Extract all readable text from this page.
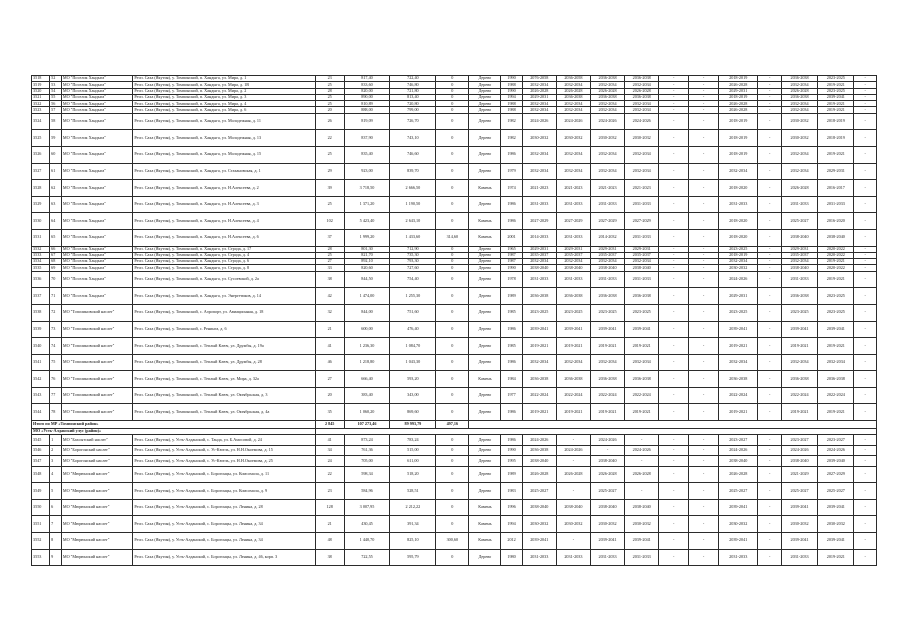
3518	52	МО "Поселок Хандыга"	Респ. Саха (Якутия), у. Томпонский, п. Хандыга, ул. Мира, д. 1	23	817,40	722,40	0	Дерево	1990	2076-2058	2036-2058	2036-2038	2036-2038	-	-	2018-2019	-	2036-2038	2023-2025	-
3519	53	МО "Поселок Хандыга"	Респ. Саха (Якутия), у. Томпонский, п. Хандыга, ул. Мира, д. 1В	25	833,60	746,80	0	Дерево	1988	2032-2034	2032-2034	2032-2034	2032-2034	-	-	2026-2028	-	2032-2034	2019-2021	-
3520	54	МО "Поселок Хандыга"	Респ. Саха (Якутия), у. Томпонский, п. Хандыга, ул. Мира, д. 2	28	820,00	721,80	0	Дерево	1990	2026-2028	2026-2028	2026-2028	2026-2028	-	-	2029-2031	-	2026-2028	2023-2025	-
3521	55	МО "Поселок Хандыга"	Респ. Саха (Якутия), у. Томпонский, п. Хандыга, ул. Мира, д. 3	25	890,00	813,40	0	Дерево	1994	2029-2031	2036-2038	2036-2038	2036-2038	-	-	2018-2019	-	2036-2038	2039-2041	-
3522	56	МО "Поселок Хандыга"	Респ. Саха (Якутия), у. Томпонский, п. Хандыга, ул. Мира, д. 4	25	810,89	720,80	0	Дерево	1988	2032-2034	2032-2034	2032-2034	2032-2034	-	-	2026-2028	-	2032-2034	2019-2021	-
3523	57	МО "Поселок Хандыга"	Респ. Саха (Якутия), у. Томпонский, п. Хандыга, ул. Мира, д. 6	20	888,00	799,00	0	Дерево	1988	2032-2034	2032-2034	2032-2034	2032-2034	-	-	2026-2028	-	2032-2034	2019-2021	-
3524	58	МО "Поселок Хандыга"	Респ. Саха (Якутия), у. Томпонский, п. Хандыга, ул. Молодежная, д. 11	26	819,09	726,70	0	Дерево	1982	2024-2026	2024-2026	2024-2026	2024-2026	-	-	2018-2019	-	2030-2032	2018-2019	-
3525	59	МО "Поселок Хандыга"	Респ. Саха (Якутия), у. Томпонский, п. Хандыга, ул. Молодежная, д. 13	22	837,90	743,10	0	Дерево	1982	2030-2032	2030-2032	2030-2032	2030-2032	-	-	2018-2019	-	2030-2032	2018-2019	-
3526	60	МО "Поселок Хандыга"	Респ. Саха (Якутия), у. Томпонский, п. Хандыга, ул. Молодежная, д. 15	25	835,40	746,60	0	Дерево	1986	2032-2034	2032-2034	2032-2034	2032-2034	-	-	2018-2019	-	2032-2034	2019-2021	-
3527	61	МО "Поселок Хандыга"	Респ. Саха (Якутия), у. Томпонский, п. Хандыга, ул. Стахановская, д. 1	29	923,00	839,70	0	Дерево	1979	2032-2034	2032-2034	2032-2034	2032-2034	-	-	2032-2034	-	2032-2034	2029-2031	-
3528	62	МО "Поселок Хандыга"	Респ. Саха (Якутия), у. Томпонский, п. Хандыга, ул. Н.Алексеева, д. 2	39	3 718,50	2 666,50	0	Камень	1974	2021-2023	2021-2023	2021-2023	2021-2023	-	-	2018-2020	-	2026-2028	2016-2017	-
3529	63	МО "Поселок Хандыга"	Респ. Саха (Якутия), у. Томпонский, п. Хандыга, ул. Н.Алексеева, д. 3	25	1 371,20	1 190,50	0	Дерево	1986	2031-2033	2031-2033	2031-2033	2031-2033	-	-	2031-2033	-	2031-2033	2031-2033	-
3530	64	МО "Поселок Хандыга"	Респ. Саха (Якутия), у. Томпонский, п. Хандыга, ул. Н.Алексеева, д. 4	102	5 423,40	2 643,10	0	Камень	1986	2027-2029	2027-2029	2027-2029	2027-2029	-	-	2018-2020	-	2025-2027	2016-2020	-
3531	65	МО "Поселок Хандыга"	Респ. Саха (Якутия), у. Томпонский, п. Хандыга, ул. Н.Алексеева, д. 6	37	1 999,20	1 433,60	314,60	Камень	2001	2014-2033	2031-2033	2014-2032	2031-2033	-	-	2018-2020	-	2038-2040	2038-2040	-
3532	66	МО "Поселок Хандыга"	Респ. Саха (Якутия), у. Томпонский, п. Хандыга, ул. Строда, д. 17	28	801,30	712,90	0	Дерево	1965	2029-2031	2029-2031	2029-2031	2029-2031	-	-	2023-2025	-	2029-2031	2020-2022	-
3533	67	МО "Поселок Хандыга"	Респ. Саха (Якутия), у. Томпонский, п. Хандыга, ул. Строда, д. 4	25	821,70	735,30	0	Дерево	1987	2035-2037	2035-2037	2035-2037	2035-2037	-	-	2018-2019	-	2035-2037	2020-2022	-
3534	68	МО "Поселок Хандыга"	Респ. Саха (Якутия), у. Томпонский, п. Хандыга, ул. Строда, д. 6	27	892,10	793,30	0	Дерево	1987	2032-2034	2032-2034	2032-2034	2032-2034	-	-	2032-2034	-	2032-2034	2019-2021	-
3535	69	МО "Поселок Хандыга"	Респ. Саха (Якутия), у. Томпонский, п. Хандыга, ул. Строда, д. 8	33	820,60	727,60	0	Дерево	1990	2038-2040	2038-2040	2038-2040	2038-2040	-	-	2030-2032	-	2038-2040	2020-2022	-
3536	70	МО "Поселок Хандыга"	Респ. Саха (Якутия), у. Томпонский, п. Хандыга, ул. Сусоевской, д. 2а	38	844,50	754,40	0	Дерево	1978	2031-2033	2031-2033	2031-2033	2031-2033	-	-	2024-2026	-	2031-2033	2019-2021	-
3537	71	МО "Поселок Хандыга"	Респ. Саха (Якутия), у. Томпонский, п. Хандыга, ул. Энергетиков, д. 14	42	1 474,00	1 255,30	0	Дерево	1989	2036-2038	2036-2038	2036-2038	2036-2038	-	-	2029-2031	-	2036-2038	2023-2025	-
3538	72	МО "Тополиновский наслег"	Респ. Саха (Якутия), у. Томпонский, с. Аэропорт, ул. Авиационная, д. 18	32	844,00	751,60	0	Дерево	1985	2023-2025	2023-2025	2023-2025	2023-2025	-	-	2023-2025	-	2023-2025	2023-2025	-
3539	73	МО "Тополиновский наслег"	Респ. Саха (Якутия), у. Томпонский, с. Ренинга, д. 6	21	600,00	476,40	0	Дерево	1986	2039-2041	2039-2041	2039-2041	2039-2041	-	-	2039-2041	-	2039-2041	2039-2041	-
3540	74	МО "Тополиновский наслег"	Респ. Саха (Якутия), у. Томпонский, с. Теплый Ключ, ул. Дружбы, д. 19а	41	1 236,30	1 084,70	0	Дерево	1985	2019-2021	2019-2021	2019-2021	2019-2021	-	-	2019-2021	-	2019-2021	2019-2021	-
3541	75	МО "Тополиновский наслег"	Респ. Саха (Якутия), у. Томпонский, с. Теплый Ключ, ул. Дружбы, д. 28	46	1 218,80	1 043,30	0	Дерево	1986	2032-2034	2032-2034	2032-2034	2032-2034	-	-	2032-2034	-	2032-2034	2032-2034	-
3542	76	МО "Тополиновский наслег"	Респ. Саха (Якутия), у. Томпонский, с. Теплый Ключ, ул. Мира, д. 32а	27	666,40	593,20	0	Камень	1984	2036-2038	2036-2038	2036-2038	2036-2038	-	-	2036-2038	-	2036-2038	2036-2038	-
3543	77	МО "Тополиновский наслег"	Респ. Саха (Якутия), у. Томпонский, с. Теплый Ключ, ул. Октябрьская, д. 3	20	383,40	343,00	0	Дерево	1977	2022-2024	2022-2024	2022-2024	2022-2024	-	-	2022-2024	-	2022-2024	2022-2024	-
3544	78	МО "Тополиновский наслег"	Респ. Саха (Якутия), у. Томпонский, с. Теплый Ключ, ул. Октябрьская, д. 4а	35	1 060,20	869,60	0	Дерево	1986	2019-2021	2019-2021	2019-2021	2019-2021	-	-	2019-2021	-	2019-2021	2019-2021	-
Итого по МР «Томпонский район»				2 845	107 273,46	89 993,79	497,16													
МО «Усть-Алданский улус (район)»																				
3545	1	МО "Бахсытский наслег"	Респ. Саха (Якутия), у. Усть-Алданский, с. Танда, ул. Б.Амосовой, д. 24	41	873,24	783,24	0	Дерево	1986	2024-2026	-	2024-2026	-	-	-	2023-2027	-	2023-2027	2023-2027	-
3546	2	МО "Борогонский наслег"	Респ. Саха (Якутия), у. Усть-Алданский, с. Ус-Кюель, ул. Н.Н.Окоемова, д. 15	34	761,36	515,00	0	Дерево	1990	2036-2038	2024-2026	-	2024-2026	-	-	2024-2026	-	2024-2026	2024-2026	-
3547	3	МО "Борогонский наслег"	Респ. Саха (Якутия), у. Усть-Алданский, с. Ус-Кюель, ул. Н.Н.Окоемова, д. 25	24	705,00	611,00	0	Дерево	1995	2038-2040	-	2038-2040	-	-	-	2038-2040	-	2038-2040	2039-2040	-
3548	4	МО "Мюрюнский наслег"	Респ. Саха (Якутия), у. Усть-Алданский, с. Борогонцы, ул. Комсомола, д. 11	22	598,34	518,20	0	Дерево	1989	2026-2028	2026-2028	2026-2028	2026-2028	-	-	2026-2028	-	2021-2029	2027-2029	-
3549	5	МО "Мюрюнский наслег"	Респ. Саха (Якутия), у. Усть-Алданский, с. Борогонцы, ул. Комсомола, д. 9	23	584,96	528,51	0	Дерево	1983	2025-2027	-	2025-2027	-	-	-	2025-2027	-	2025-2027	2025-2027	-
3550	6	МО "Мюрюнский наслег"	Респ. Саха (Якутия), у. Усть-Алданский, с. Борогонцы, ул. Ленина, д. 28	128	3 007,95	2 212,22	0	Камень	1996	2038-2040	2038-2040	2038-2040	2038-2040	-	-	2039-2041	-	2039-2041	2039-2041	-
3551	7	МО "Мюрюнский наслег"	Респ. Саха (Якутия), у. Усть-Алданский, с. Борогонцы, ул. Ленина, д. 34	21	430,45	391,34	0	Камень	1994	2030-2032	2030-2032	2030-2032	2030-2032	-	-	2030-2032	-	2030-2032	2030-2032	-
3552	8	МО "Мюрюнский наслег"	Респ. Саха (Якутия), у. Усть-Алданский, с. Борогонцы, ул. Ленина, д. 34	48	1 440,70	825,10	300,60	Камень	2012	2039-2041	-	2039-2041	2039-2041	-	-	2039-2041	-	2039-2041	2039-2041	-
3553	9	МО "Мюрюнский наслег"	Респ. Саха (Якутия), у. Усть-Алданский, с. Борогонцы, ул. Ленина, д. 46, корп. 3	38	722,55	595,79	0	Дерево	1980	2031-2033	2031-2033	2031-2033	2031-2033	-	-	2031-2033	-	2031-2033	2019-2021	-
